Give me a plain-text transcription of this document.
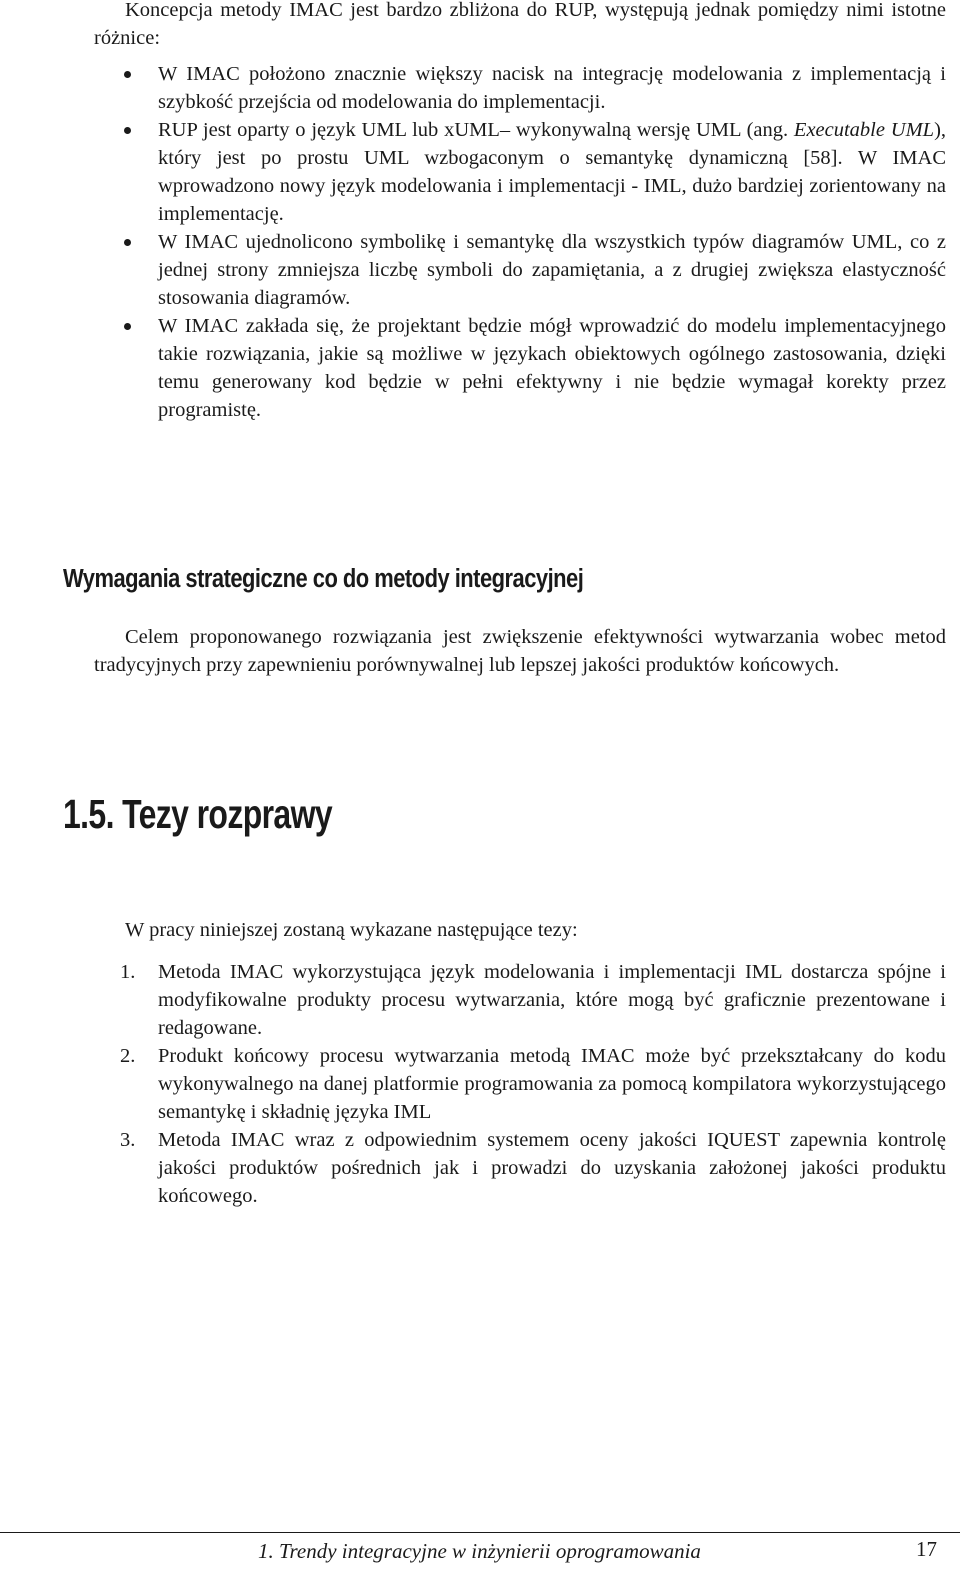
Koncepcja metody IMAC jest bardzo zbliżona do RUP, występują jednak pomiędzy nimi istotne różnice:

W IMAC położono znacznie większy nacisk na integrację modelowania z implementacją i szybkość przejścia od modelowania do implementacji.
RUP jest oparty o język UML lub xUML– wykonywalną wersję UML (ang. Executable UML), który jest po prostu UML wzbogaconym o semantykę dynamiczną [58]. W IMAC wprowadzono nowy język modelowania i implementacji - IML, dużo bardziej zorientowany na implementację.
W IMAC ujednolicono symbolikę i semantykę dla wszystkich typów diagramów UML, co z jednej strony zmniejsza liczbę symboli do zapamiętania, a z drugiej zwiększa elastyczność stosowania diagramów.
W IMAC zakłada się, że projektant będzie mógł wprowadzić do modelu implementacyjnego takie rozwiązania, jakie są możliwe w językach obiektowych ogólnego zastosowania, dzięki temu generowany kod będzie w pełni efektywny i nie będzie wymagał korekty przez programistę.
Wymagania strategiczne co do metody integracyjnej

Celem proponowanego rozwiązania jest zwiększenie efektywności wytwarzania wobec metod tradycyjnych przy zapewnieniu porównywalnej lub lepszej jakości produktów końcowych.

1.5. Tezy rozprawy

W pracy niniejszej zostaną wykazane następujące tezy:

1. Metoda IMAC wykorzystująca język modelowania i implementacji IML dostarcza spójne i modyfikowalne produkty procesu wytwarzania, które mogą być graficznie prezentowane i redagowane.
2. Produkt końcowy procesu wytwarzania metodą IMAC może być przekształcany do kodu wykonywalnego na danej platformie programowania za pomocą kompilatora wykorzystującego semantykę i składnię języka IML
3. Metoda IMAC wraz z odpowiednim systemem oceny jakości IQUEST zapewnia kontrolę jakości produktów pośrednich jak i prowadzi do uzyskania założonej jakości produktu końcowego.
1. Trendy integracyjne w inżynierii oprogramowania	17
